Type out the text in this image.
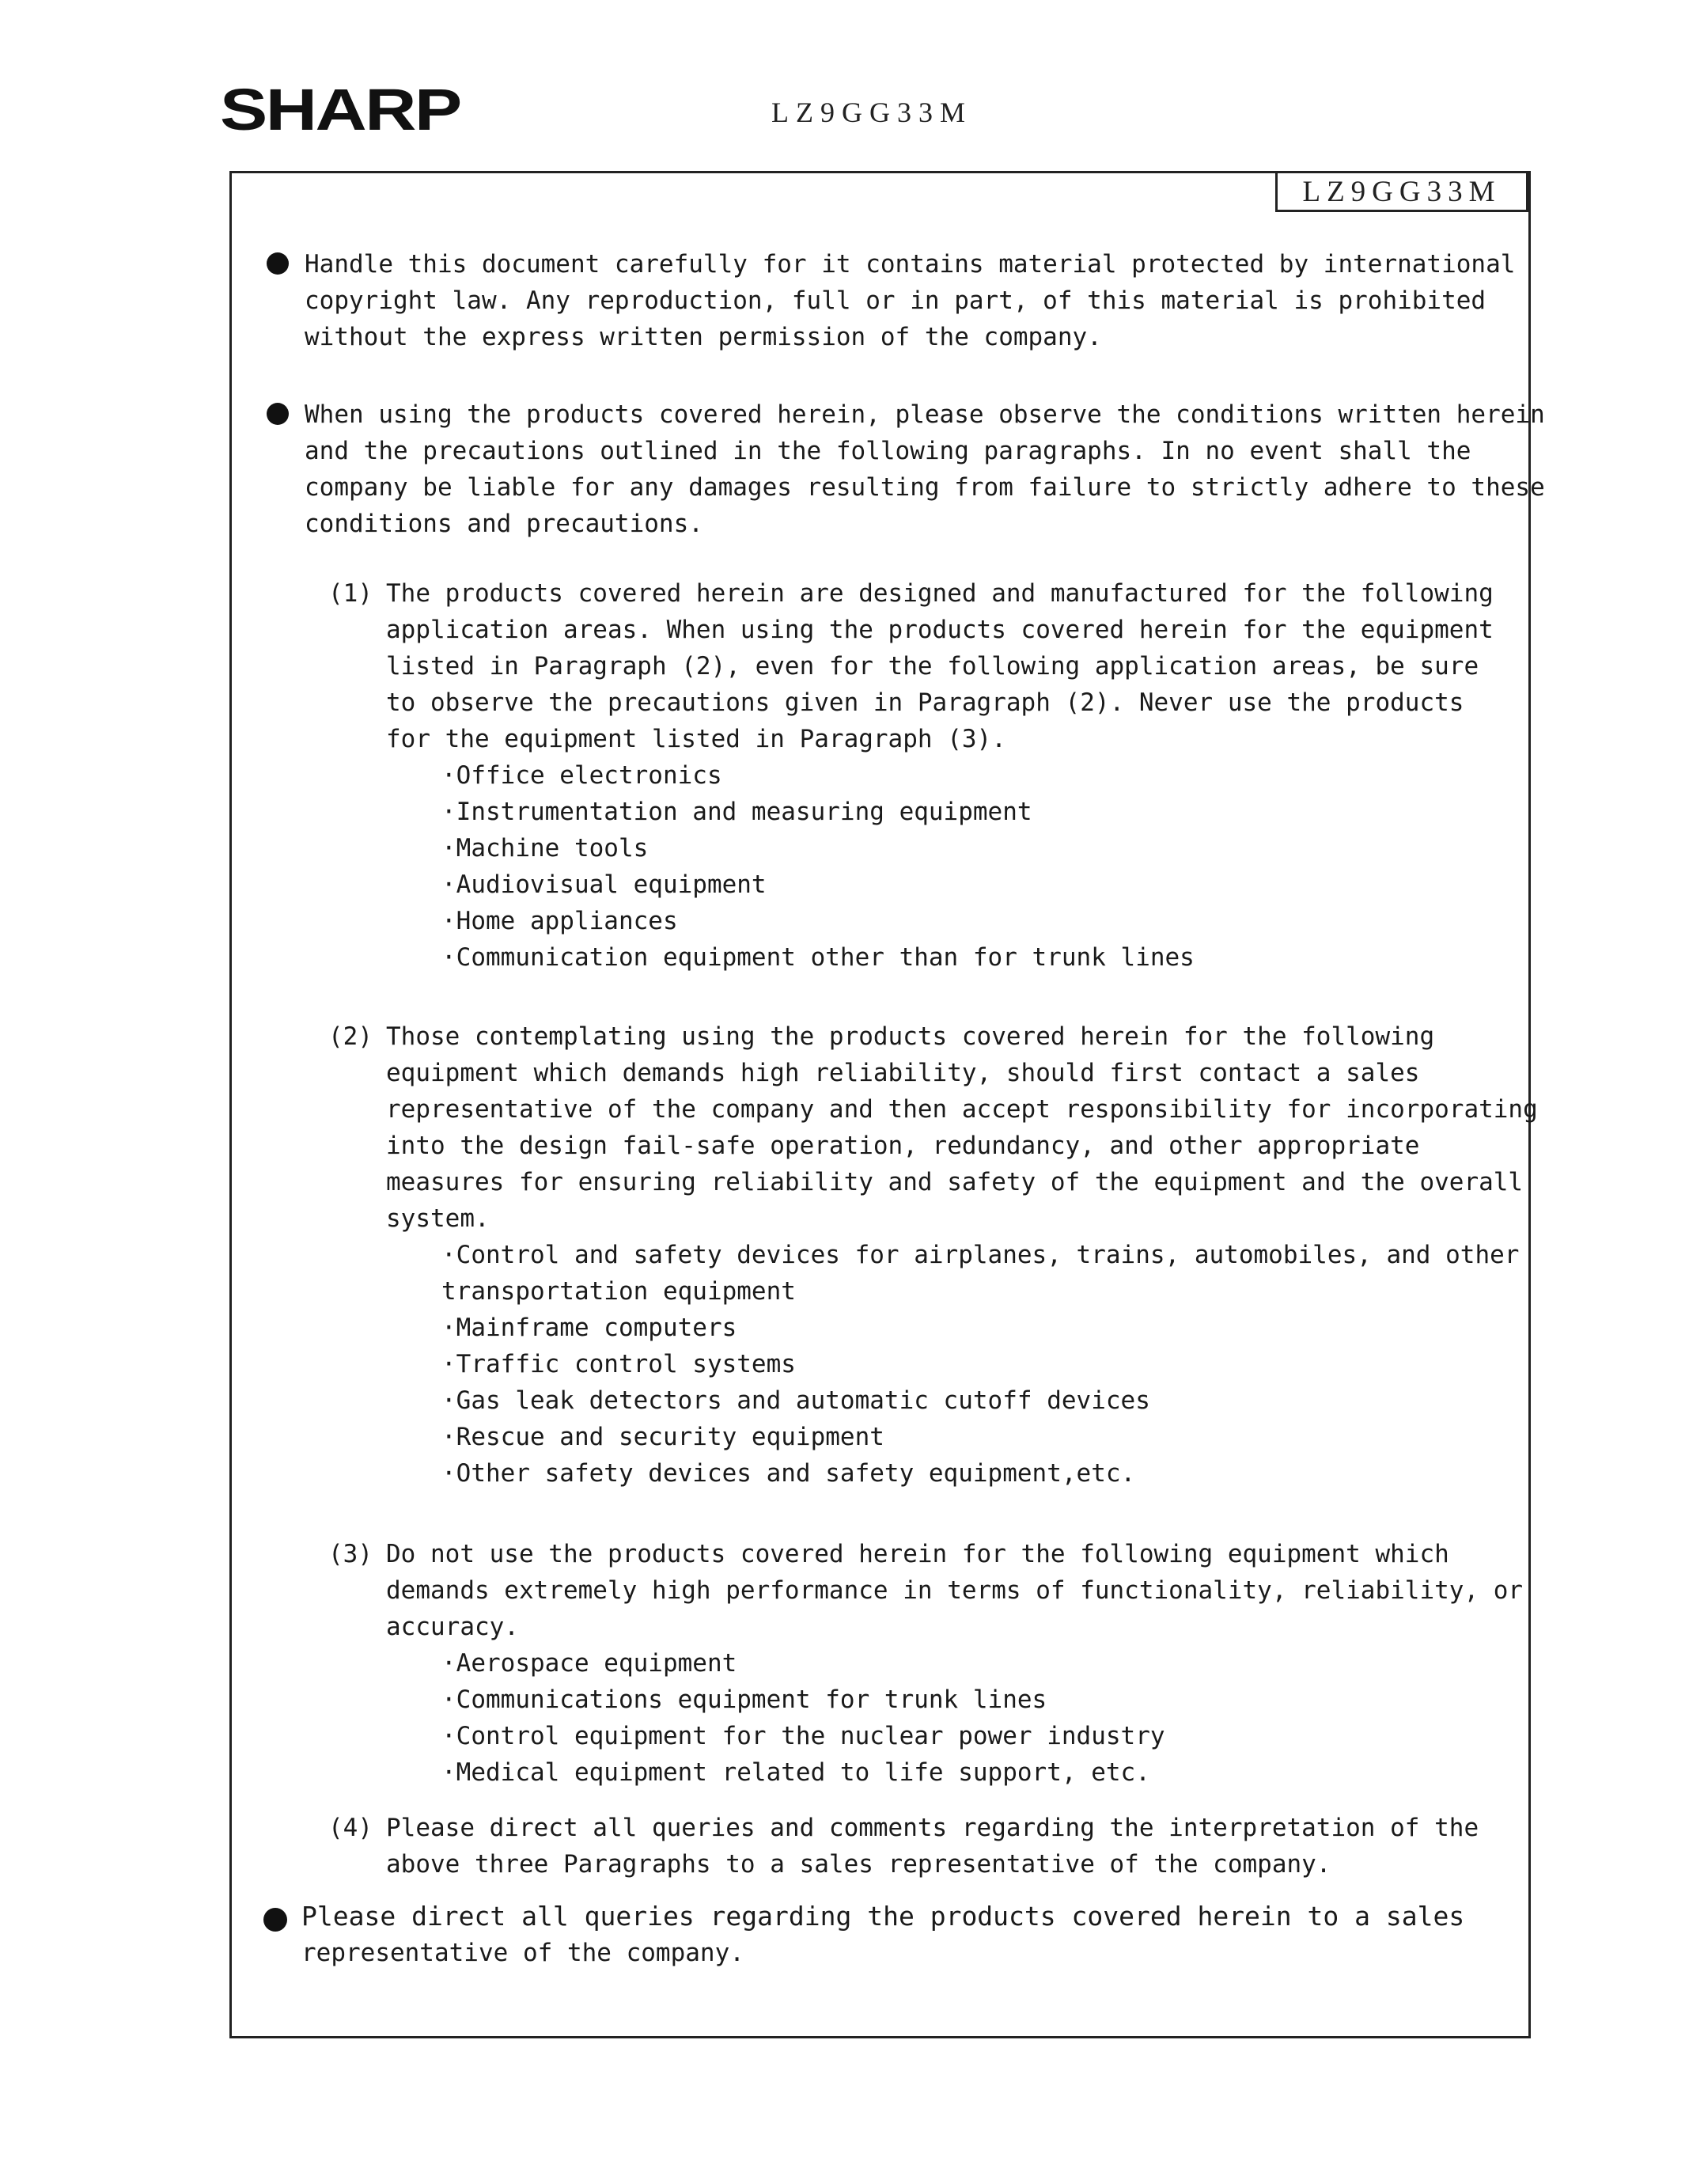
SHARP	LZ9GG33M
LZ9GG33M
Handle this document carefully for it contains material protected by international
copyright law. Any reproduction, full or in part, of this material is prohibited
without the express written permission of the company.
When using the products covered herein, please observe the conditions written herein
and the precautions outlined in the following paragraphs. In no event shall the
company be liable for any damages resulting from failure to strictly adhere to these
conditions and precautions.
(1) The products covered herein are designed and manufactured for the following
application areas. When using the products covered herein for the equipment
listed in Paragraph (2), even for the following application areas, be sure
to observe the precautions given in Paragraph (2). Never use the products
for the equipment listed in Paragraph (3).
·Office electronics
·Instrumentation and measuring equipment
·Machine tools
·Audiovisual equipment
·Home appliances
·Communication equipment other than for trunk lines
(2) Those contemplating using the products covered herein for the following
equipment which demands high reliability, should first contact a sales
representative of the company and then accept responsibility for incorporating
into the design fail-safe operation, redundancy, and other appropriate
measures for ensuring reliability and safety of the equipment and the overall
system.
·Control and safety devices for airplanes, trains, automobiles, and other
transportation equipment
·Mainframe computers
·Traffic control systems
·Gas leak detectors and automatic cutoff devices
·Rescue and security equipment
·Other safety devices and safety equipment,etc.
(3) Do not use the products covered herein for the following equipment which
demands extremely high performance in terms of functionality, reliability, or
accuracy.
·Aerospace equipment
·Communications equipment for trunk lines
·Control equipment for the nuclear power industry
·Medical equipment related to life support, etc.
(4) Please direct all queries and comments regarding the interpretation of the
above three Paragraphs to a sales representative of the company.
Please direct all queries regarding the products covered herein to a sales
representative of the company.
